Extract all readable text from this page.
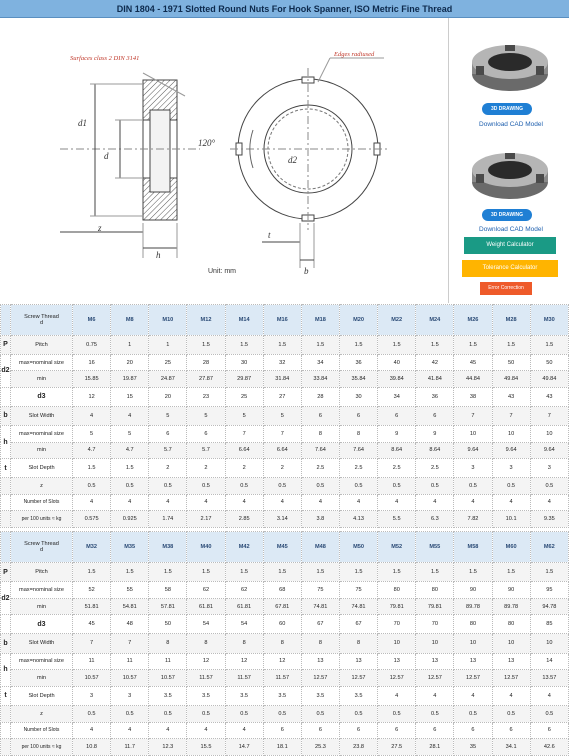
DIN 1804 - 1971 Slotted Round Nuts For Hook Spanner, ISO Metric Fine Thread
Surfaces class 2 DIN 3141
Edges radiused
120°
d1
d	d2
z
h
t
b
Unit: mm
3D DRAWING
Download CAD Model
3D DRAWING
Download CAD Model
Weight Calculator
Tolerance Calculator
Error Correction

	Screw Thread
d	M6	M8	M10	M12	M14	M16	M18	M20	M22	M24	M26	M28	M30
P	Pitch	0.75	1	1	1.5	1.5	1.5	1.5	1.5	1.5	1.5	1.5	1.5	1.5
d2	max=nominal size	16	20	25	28	30	32	34	36	40	42	45	50	50
	min	15.85	19.87	24.87	27.87	29.87	31.84	33.84	35.84	39.84	41.84	44.84	49.84	49.84
	d3	12	15	20	23	25	27	28	30	34	36	38	43	43
b	Slot Width	4	4	5	5	5	5	6	6	6	6	7	7	7
h	max=nominal size	5	5	6	6	7	7	8	8	9	9	10	10	10
	min	4.7	4.7	5.7	5.7	6.64	6.64	7.64	7.64	8.64	8.64	9.64	9.64	9.64
t	Slot Depth	1.5	1.5	2	2	2	2	2.5	2.5	2.5	2.5	3	3	3
	z	0.5	0.5	0.5	0.5	0.5	0.5	0.5	0.5	0.5	0.5	0.5	0.5	0.5
	Number of Slots	4	4	4	4	4	4	4	4	4	4	4	4	4
	per 100 units ≈ kg	0.575	0.925	1.74	2.17	2.85	3.14	3.8	4.13	5.5	6.3	7.82	10.1	9.35

	Screw Thread
d	M32	M35	M38	M40	M42	M45	M48	M50	M52	M55	M58	M60	M62
P	Pitch	1.5	1.5	1.5	1.5	1.5	1.5	1.5	1.5	1.5	1.5	1.5	1.5	1.5
d2	max=nominal size	52	55	58	62	62	68	75	75	80	80	90	90	95
	min	51.81	54.81	57.81	61.81	61.81	67.81	74.81	74.81	79.81	79.81	89.78	89.78	94.78
	d3	45	48	50	54	54	60	67	67	70	70	80	80	85
b	Slot Width	7	7	8	8	8	8	8	8	10	10	10	10	10
h	max=nominal size	11	11	11	12	12	12	13	13	13	13	13	13	14
	min	10.57	10.57	10.57	11.57	11.57	11.57	12.57	12.57	12.57	12.57	12.57	12.57	13.57
t	Slot Depth	3	3	3.5	3.5	3.5	3.5	3.5	3.5	4	4	4	4	4
	z	0.5	0.5	0.5	0.5	0.5	0.5	0.5	0.5	0.5	0.5	0.5	0.5	0.5
	Number of Slots	4	4	4	4	4	6	6	6	6	6	6	6	6
	per 100 units ≈ kg	10.8	11.7	12.3	15.5	14.7	18.1	25.3	23.8	27.5	28.1	35	34.1	42.6
